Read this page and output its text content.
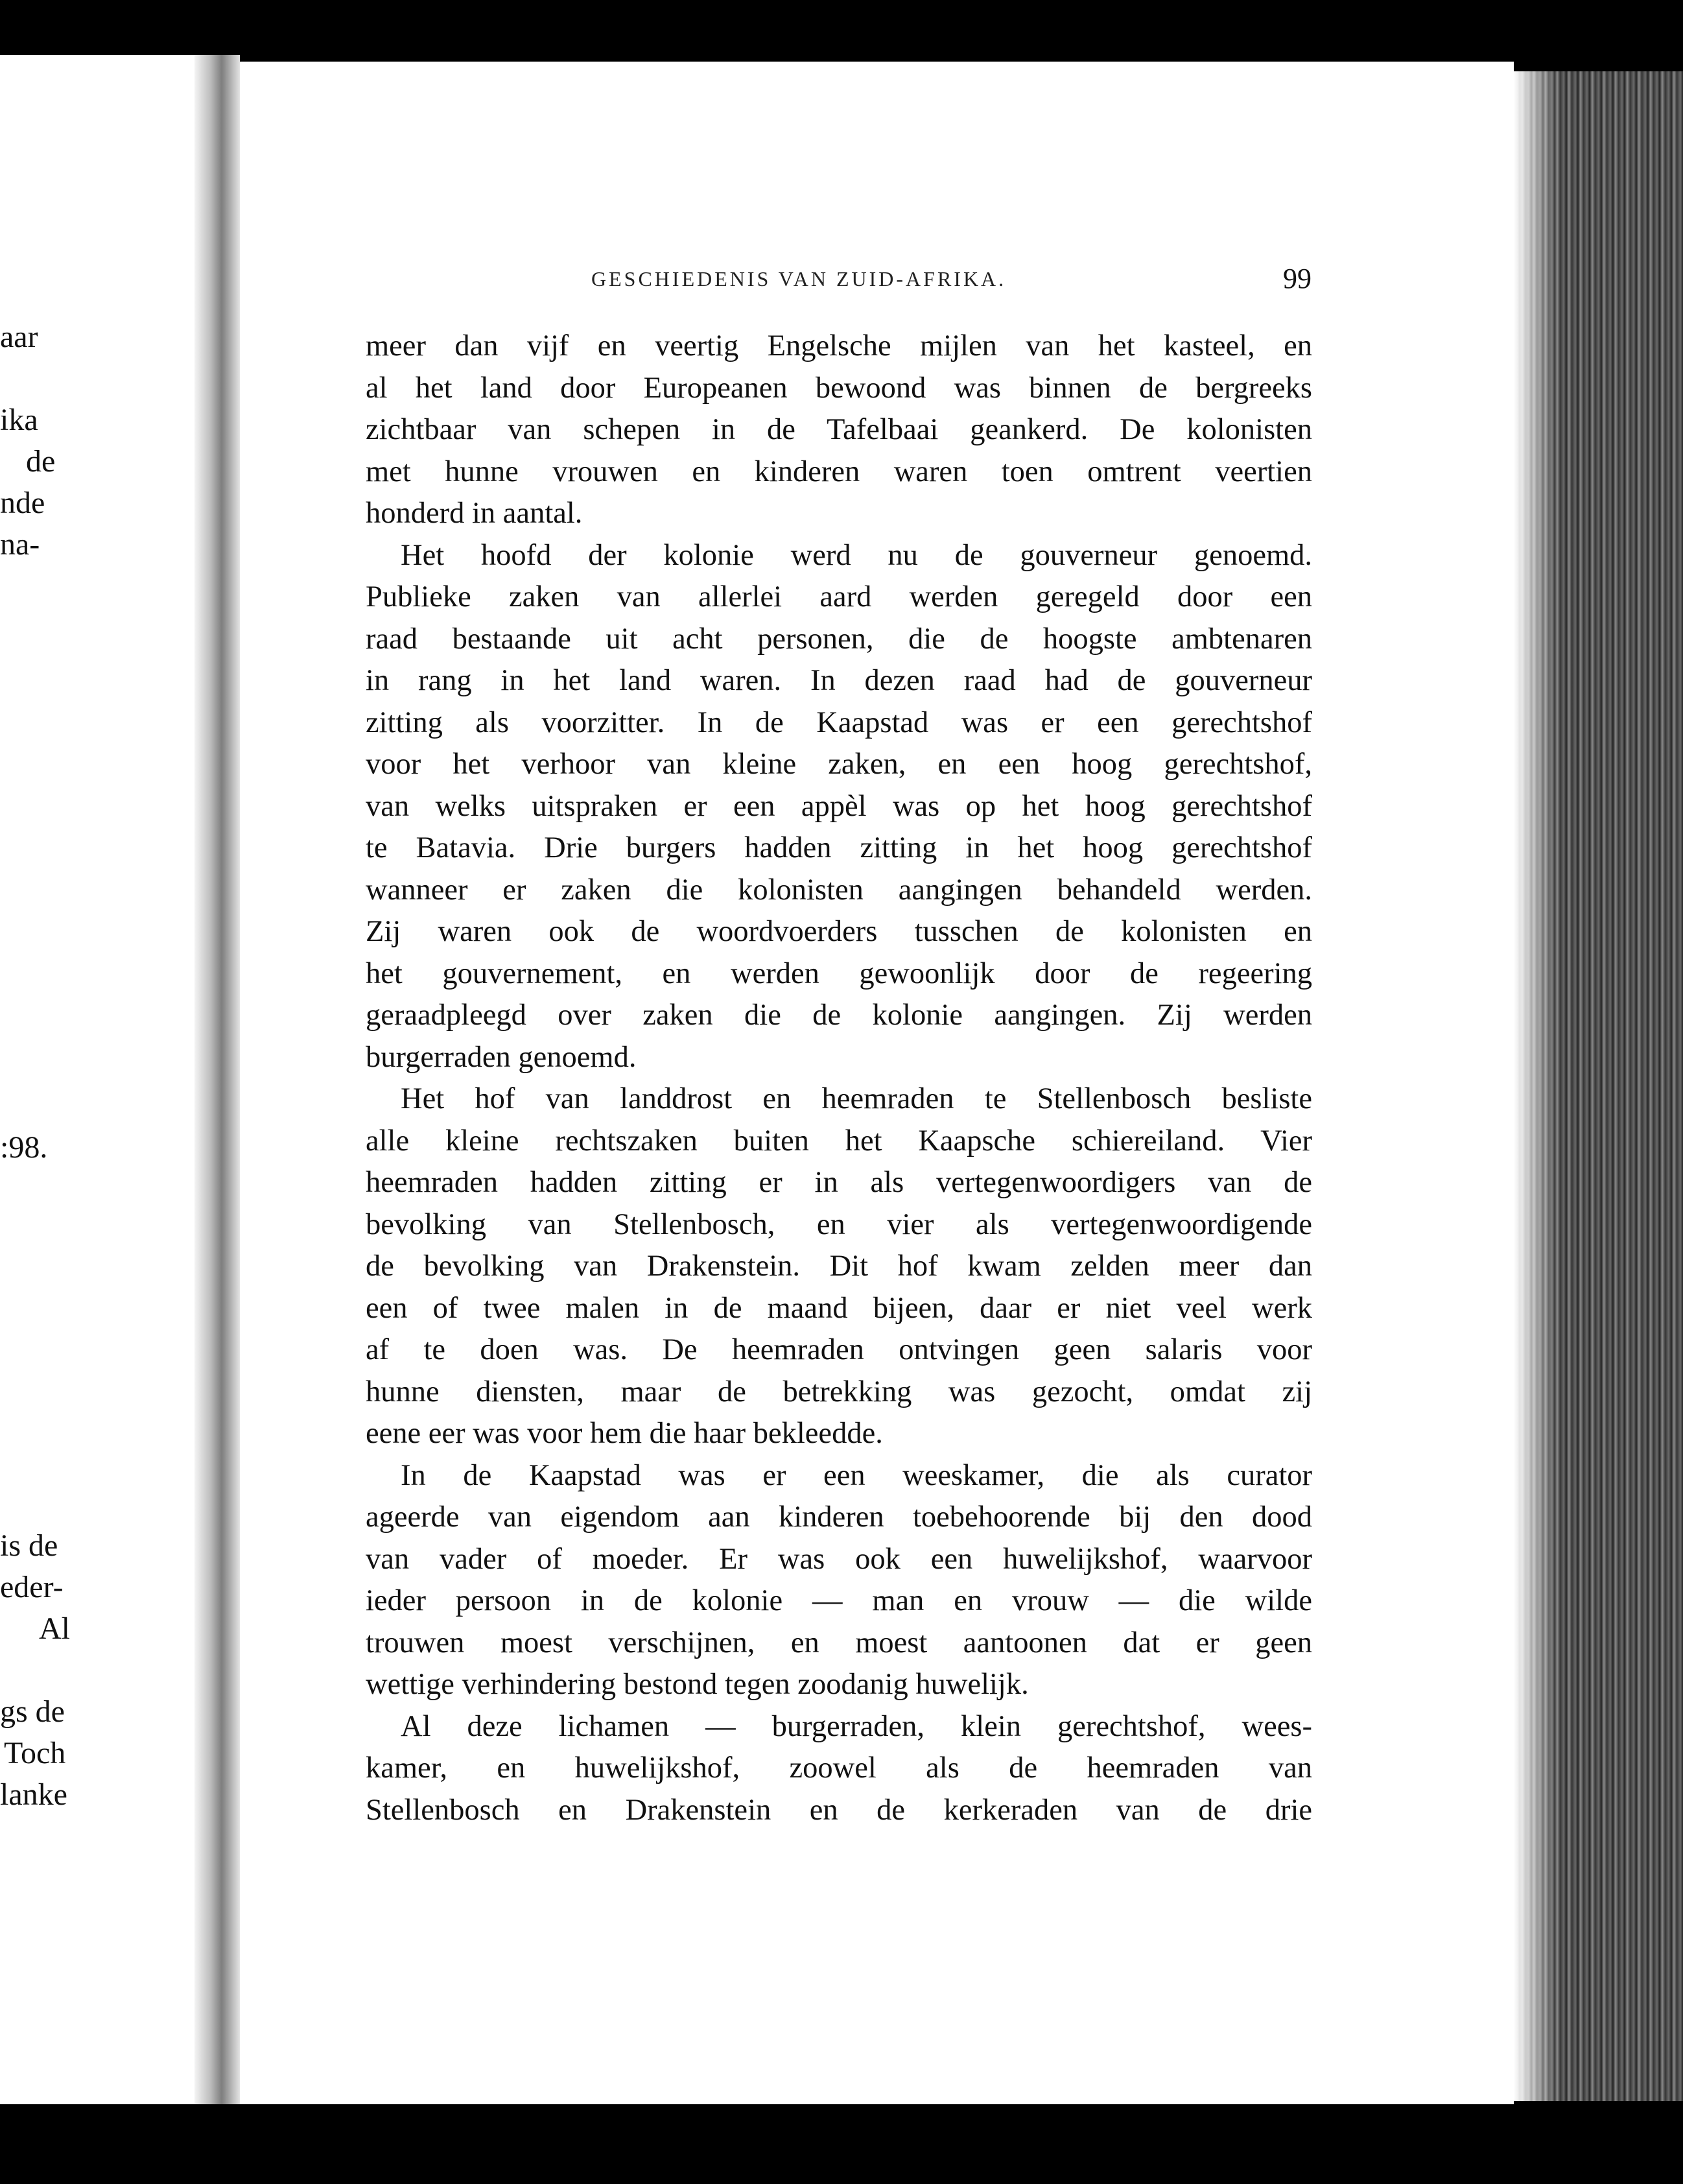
aar
ika
de
nde
na-
:98.
is de
eder-
Al
gs de
Toch
lanke
GESCHIEDENIS VAN ZUID-AFRIKA.	99
meer dan vijf en veertig Engelsche mijlen van het kasteel, en
al het land door Europeanen bewoond was binnen de bergreeks
zichtbaar van schepen in de Tafelbaai geankerd. De kolonisten
met hunne vrouwen en kinderen waren toen omtrent veertien
honderd in aantal.
Het hoofd der kolonie werd nu de gouverneur genoemd.
Publieke zaken van allerlei aard werden geregeld door een
raad bestaande uit acht personen, die de hoogste ambtenaren
in rang in het land waren. In dezen raad had de gouverneur
zitting als voorzitter. In de Kaapstad was er een gerechtshof
voor het verhoor van kleine zaken, en een hoog gerechtshof,
van welks uitspraken er een appèl was op het hoog gerechtshof
te Batavia. Drie burgers hadden zitting in het hoog gerechtshof
wanneer er zaken die kolonisten aangingen behandeld werden.
Zij waren ook de woordvoerders tusschen de kolonisten en
het gouvernement, en werden gewoonlijk door de regeering
geraadpleegd over zaken die de kolonie aangingen. Zij werden
burgerraden genoemd.
Het hof van landdrost en heemraden te Stellenbosch besliste
alle kleine rechtszaken buiten het Kaapsche schiereiland. Vier
heemraden hadden zitting er in als vertegenwoordigers van de
bevolking van Stellenbosch, en vier als vertegenwoordigende
de bevolking van Drakenstein. Dit hof kwam zelden meer dan
een of twee malen in de maand bijeen, daar er niet veel werk
af te doen was. De heemraden ontvingen geen salaris voor
hunne diensten, maar de betrekking was gezocht, omdat zij
eene eer was voor hem die haar bekleedde.
In de Kaapstad was er een weeskamer, die als curator
ageerde van eigendom aan kinderen toebehoorende bij den dood
van vader of moeder. Er was ook een huwelijkshof, waarvoor
ieder persoon in de kolonie — man en vrouw — die wilde
trouwen moest verschijnen, en moest aantoonen dat er geen
wettige verhindering bestond tegen zoodanig huwelijk.
Al deze lichamen — burgerraden, klein gerechtshof, wees-
kamer, en huwelijkshof, zoowel als de heemraden van
Stellenbosch en Drakenstein en de kerkeraden van de drie
